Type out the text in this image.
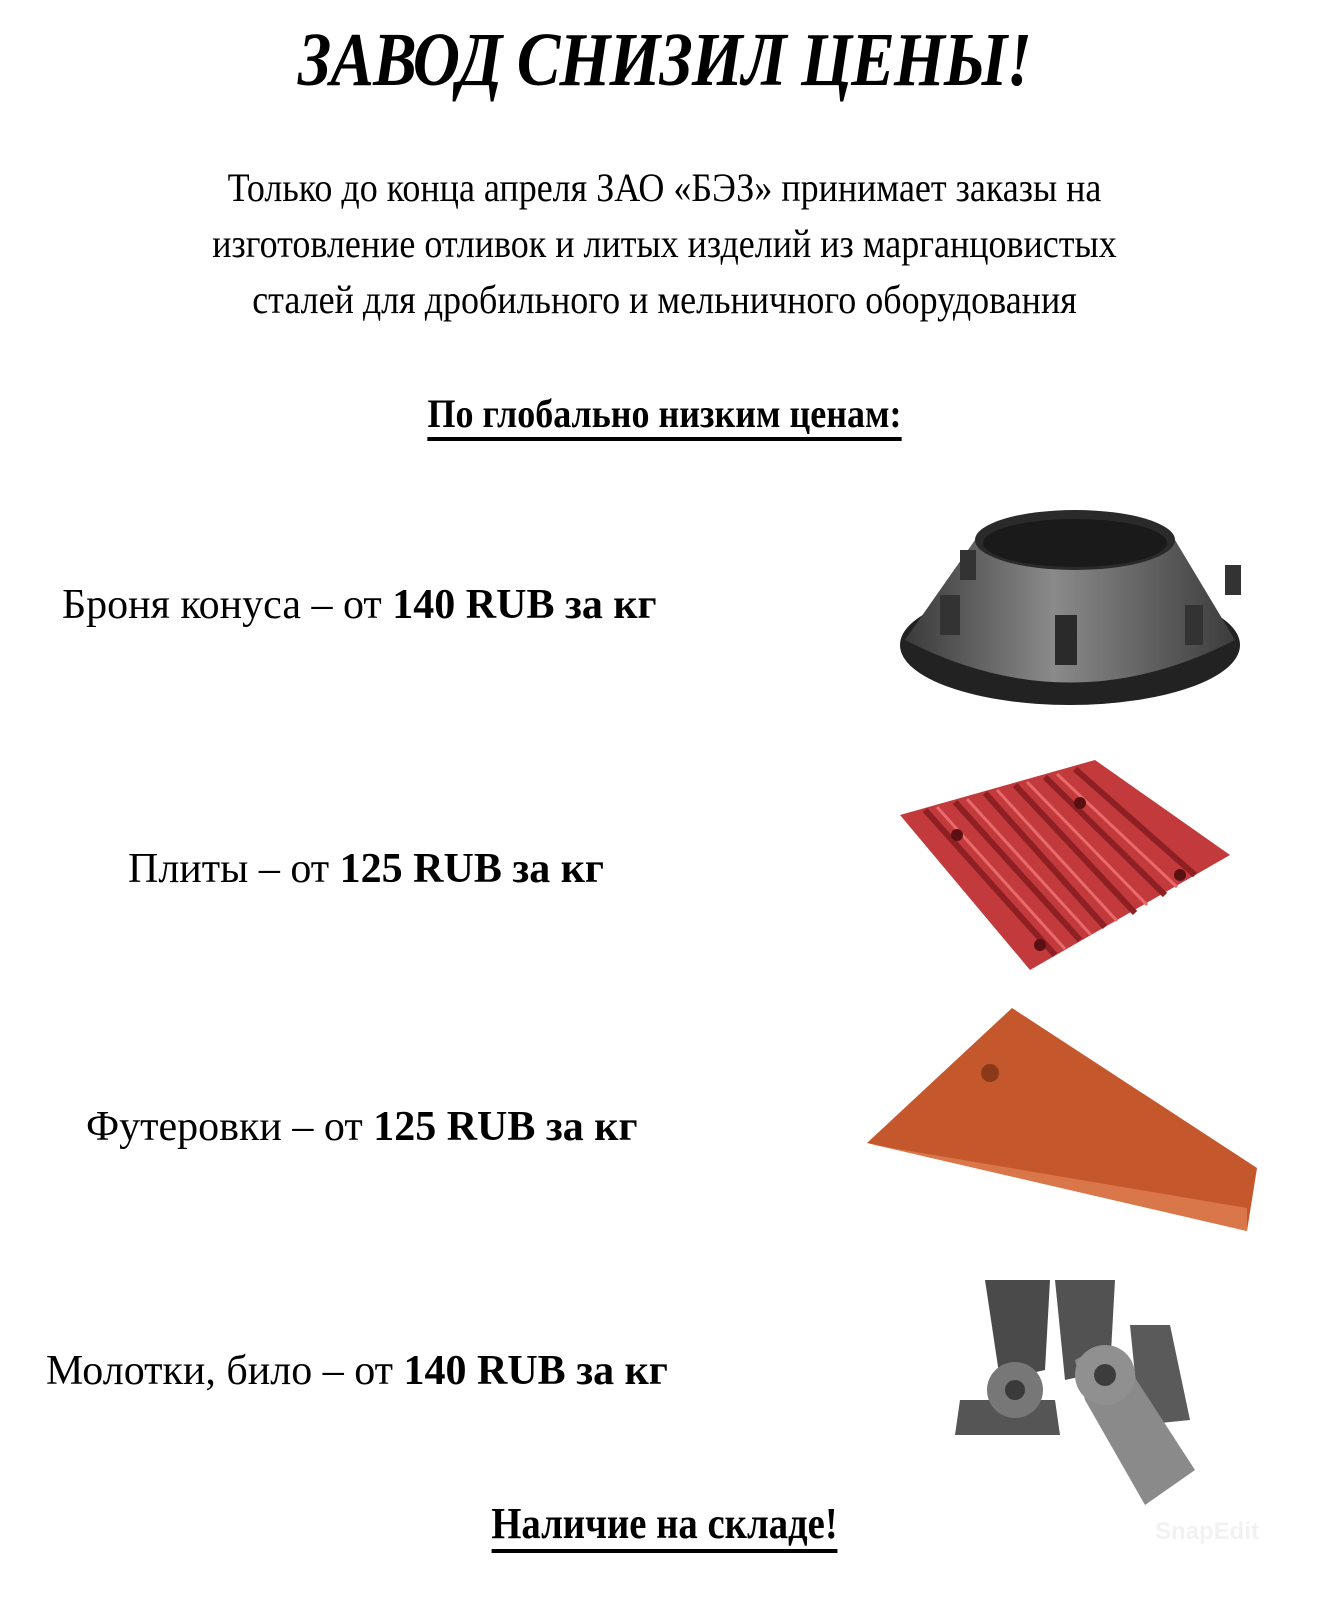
ЗАВОД СНИЗИЛ ЦЕНЫ!
Только до конца апреля ЗАО «БЭЗ» принимает заказы на
изготовление отливок и литых изделий из марганцовистых
сталей для дробильного и мельничного оборудования
По глобально низким ценам:
Броня конуса – от 140 RUB за кг
Плиты – от 125 RUB за кг
Футеровки – от 125 RUB за кг
Молотки, било – от 140 RUB за кг
Наличие на складе!	SnapEdit
